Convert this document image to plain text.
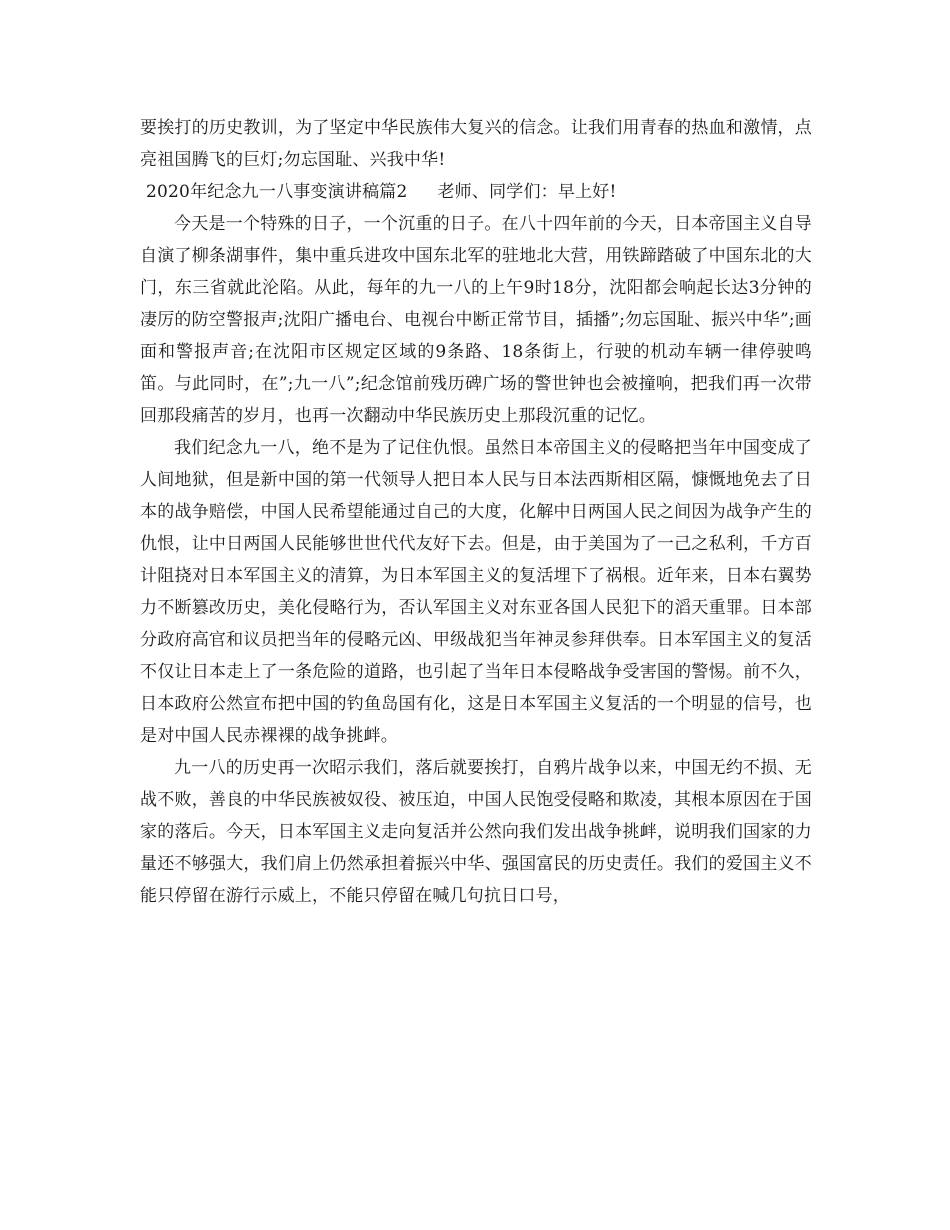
要挨打的历史教训，为了坚定中华民族伟大复兴的信念。让我们用青春的热血和激情，点亮祖国腾飞的巨灯;勿忘国耻、兴我中华!

2020年纪念九一八事变演讲稿篇2 老师、同学们：早上好!

今天是一个特殊的日子，一个沉重的日子。在八十四年前的今天，日本帝国主义自导自演了柳条湖事件，集中重兵进攻中国东北军的驻地北大营，用铁蹄踏破了中国东北的大门，东三省就此沦陷。从此，每年的九一八的上午9时18分，沈阳都会响起长达3分钟的凄厉的防空警报声;沈阳广播电台、电视台中断正常节目，插播”;勿忘国耻、振兴中华”;画面和警报声音;在沈阳市区规定区域的9条路、18条街上，行驶的机动车辆一律停驶鸣笛。与此同时，在”;九一八”;纪念馆前残历碑广场的警世钟也会被撞响，把我们再一次带回那段痛苦的岁月，也再一次翻动中华民族历史上那段沉重的记忆。

我们纪念九一八，绝不是为了记住仇恨。虽然日本帝国主义的侵略把当年中国变成了人间地狱，但是新中国的第一代领导人把日本人民与日本法西斯相区隔，慷慨地免去了日本的战争赔偿，中国人民希望能通过自己的大度，化解中日两国人民之间因为战争产生的仇恨，让中日两国人民能够世世代代友好下去。但是，由于美国为了一己之私利，千方百计阻挠对日本军国主义的清算，为日本军国主义的复活埋下了祸根。近年来，日本右翼势力不断篡改历史，美化侵略行为，否认军国主义对东亚各国人民犯下的滔天重罪。日本部分政府高官和议员把当年的侵略元凶、甲级战犯当年神灵参拜供奉。日本军国主义的复活不仅让日本走上了一条危险的道路，也引起了当年日本侵略战争受害国的警惕。前不久，日本政府公然宣布把中国的钓鱼岛国有化，这是日本军国主义复活的一个明显的信号，也是对中国人民赤裸裸的战争挑衅。

九一八的历史再一次昭示我们，落后就要挨打，自鸦片战争以来，中国无约不损、无战不败，善良的中华民族被奴役、被压迫，中国人民饱受侵略和欺凌，其根本原因在于国家的落后。今天，日本军国主义走向复活并公然向我们发出战争挑衅，说明我们国家的力量还不够强大，我们肩上仍然承担着振兴中华、强国富民的历史责任。我们的爱国主义不能只停留在游行示威上，不能只停留在喊几句抗日口号，
